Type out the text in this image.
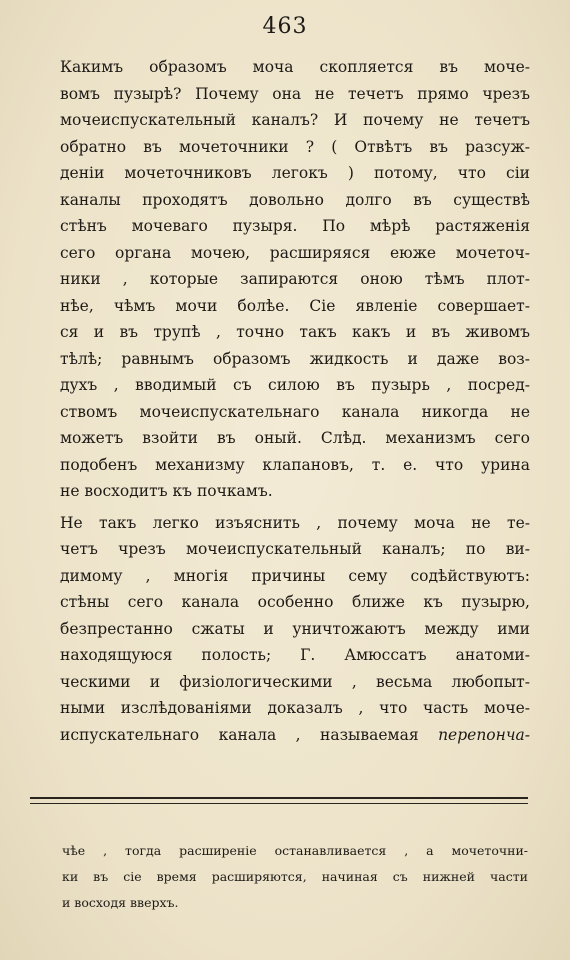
463
Какимъ образомъ моча скопляется въ моче-
вомъ пузырѣ? Почему она не течетъ прямо чрезъ
мочеиспускательный каналъ? И почему не течетъ
обратно въ мочеточники ? ( Отвѣтъ въ разсуж-
деніи мочеточниковъ легокъ ) потому, что сіи
каналы проходятъ довольно долго въ существѣ
стѣнъ мочеваго пузыря. По мѣрѣ растяженія
сего органа мочею, расширяяся еюже мочеточ-
ники , которые запираются оною тѣмъ плот-
нѣе, чѣмъ мочи болѣе. Сіе явленіе совершает-
ся и въ трупѣ , точно такъ какъ и въ живомъ
тѣлѣ; равнымъ образомъ жидкость и даже воз-
духъ , вводимый съ силою въ пузырь , посред-
ствомъ мочеиспускательнаго канала никогда не
можетъ взойти въ оный. Слѣд. механизмъ сего
подобенъ механизму клапановъ, т. е. что урина
не восходитъ къ почкамъ.
Не такъ легко изъяснить , почему моча не те-
четъ чрезъ мочеиспускательный каналъ; по ви-
димому , многія причины сему содѣйствуютъ:
стѣны сего канала особенно ближе къ пузырю,
безпрестанно сжаты и уничтожаютъ между ими
находящуюся полость; Г. Амюссатъ анатоми-
ческими и физіологическими , весьма любопыт-
ными изслѣдованіями доказалъ , что часть моче-
испускательнаго канала , называемая перепонча-
чѣе , тогда расширеніе останавливается , а мочеточни-
ки въ сіе время расширяются, начиная съ нижней части
и восходя вверхъ.
